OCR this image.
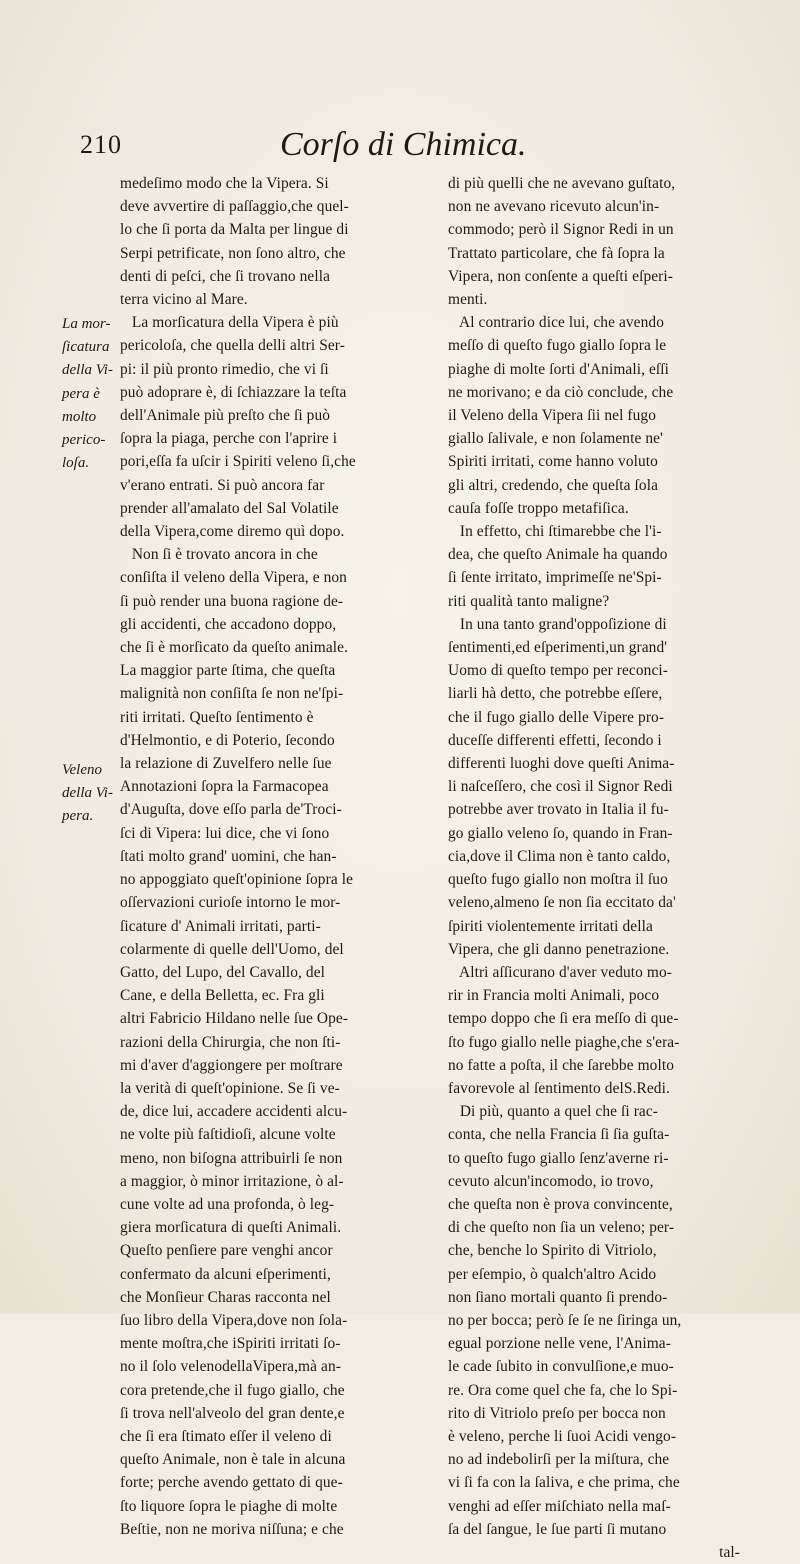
210	Corſo di Chimica.

La mor-
ſicatura
della Vi-
pera è
molto
perico-
loſa.

Veleno
della Vi-
pera.

medeſimo modo che la Vipera. Si

deve avvertire di paſſaggio,che quel-

lo che ſi porta da Malta per lingue di

Serpi petrificate, non ſono altro, che

denti di peſci, che ſi trovano nella

terra vicino al Mare.

La morſicatura della Vipera è più

pericoloſa, che quella delli altri Ser-

pi: il più pronto rimedio, che vi ſi

può adoprare è, di ſchiazzare la teſta

dell'Animale più preſto che ſi può

ſopra la piaga, perche con l'aprire i

pori,eſſa fa uſcir i Spiriti veleno ſi,che

v'erano entrati. Si può ancora far

prender all'amalato del Sal Volatile

della Vipera,come diremo quì dopo.

Non ſi è trovato ancora in che

conſiſta il veleno della Vipera, e non

ſi può render una buona ragione de-

gli accidenti, che accadono doppo,

che ſi è morſicato da queſto animale.

La maggior parte ſtima, che queſta

malignità non conſiſta ſe non ne'ſpi-

riti irritati. Queſto ſentimento è

d'Helmontio, e di Poterio, ſecondo

la relazione di Zuvelfero nelle ſue

Annotazioni ſopra la Farmacopea

d'Auguſta, dove eſſo parla de'Troci-

ſci di Vipera: lui dice, che vi ſono

ſtati molto grand' uomini, che han-

no appoggiato queſt'opinione ſopra le

oſſervazioni curioſe intorno le mor-

ſicature d' Animali irritati, parti-

colarmente di quelle dell'Uomo, del

Gatto, del Lupo, del Cavallo, del

Cane, e della Belletta, ec. Fra gli

altri Fabricio Hildano nelle ſue Ope-

razioni della Chirurgia, che non ſti-

mi d'aver d'aggiongere per moſtrare

la verità di queſt'opinione. Se ſi ve-

de, dice lui, accadere accidenti alcu-

ne volte più faſtidioſi, alcune volte

meno, non biſogna attribuirli ſe non

a maggior, ò minor irritazione, ò al-

cune volte ad una profonda, ò leg-

giera morſicatura di queſti Animali.

Queſto penſiere pare venghi ancor

confermato da alcuni eſperimenti,

che Monſieur Charas racconta nel

ſuo libro della Vipera,dove non ſola-

mente moſtra,che iSpiriti irritati ſo-

no il ſolo velenodellaVipera,mà an-

cora pretende,che il fugo giallo, che

ſi trova nell'alveolo del gran dente,e

che ſi era ſtimato eſſer il veleno di

queſto Animale, non è tale in alcuna

forte; perche avendo gettato di que-

ſto liquore ſopra le piaghe di molte

Beſtie, non ne moriva niſſuna; e che

di più quelli che ne avevano guſtato,

non ne avevano ricevuto alcun'in-

commodo; però il Signor Redi in un

Trattato particolare, che fà ſopra la

Vipera, non conſente a queſti eſperi-

menti.

Al contrario dice lui, che avendo

meſſo di queſto fugo giallo ſopra le

piaghe di molte ſorti d'Animali, eſſi

ne morivano; e da ciò conclude, che

il Veleno della Vipera ſii nel fugo

giallo ſalivale, e non ſolamente ne'

Spiriti irritati, come hanno voluto

gli altri, credendo, che queſta ſola

cauſa foſſe troppo metafiſica.

In effetto, chi ſtimarebbe che l'i-

dea, che queſto Animale ha quando

ſi ſente irritato, imprimeſſe ne'Spi-

riti qualità tanto maligne?

In una tanto grand'oppoſizione di

ſentimenti,ed eſperimenti,un grand'

Uomo di queſto tempo per reconci-

liarli hà detto, che potrebbe eſſere,

che il fugo giallo delle Vipere pro-

duceſſe differenti effetti, ſecondo i

differenti luoghi dove queſti Anima-

li naſceſſero, che così il Signor Redi

potrebbe aver trovato in Italia il fu-

go giallo veleno ſo, quando in Fran-

cia,dove il Clima non è tanto caldo,

queſto fugo giallo non moſtra il ſuo

veleno,almeno ſe non ſia eccitato da'

ſpiriti violentemente irritati della

Vipera, che gli danno penetrazione.

Altri aſſicurano d'aver veduto mo-

rir in Francia molti Animali, poco

tempo doppo che ſi era meſſo di que-

ſto fugo giallo nelle piaghe,che s'era-

no fatte a poſta, il che ſarebbe molto

favorevole al ſentimento delS.Redi.

Di più, quanto a quel che ſi rac-

conta, che nella Francia ſi ſia guſta-

to queſto fugo giallo ſenz'averne ri-

cevuto alcun'incomodo, io trovo,

che queſta non è prova convincente,

di che queſto non ſia un veleno; per-

che, benche lo Spirito di Vitriolo,

per eſempio, ò qualch'altro Acido

non ſiano mortali quanto ſi prendo-

no per bocca; però ſe ſe ne ſiringa un,

egual porzione nelle vene, l'Anima-

le cade ſubito in convulſione,e muo-

re. Ora come quel che fa, che lo Spi-

rito di Vitriolo preſo per bocca non

è veleno, perche li ſuoi Acidi vengo-

no ad indebolirſi per la miſtura, che

vi ſi fa con la ſaliva, e che prima, che

venghi ad eſſer miſchiato nella maſ-

ſa del ſangue, le ſue parti ſi mutano

tal-
